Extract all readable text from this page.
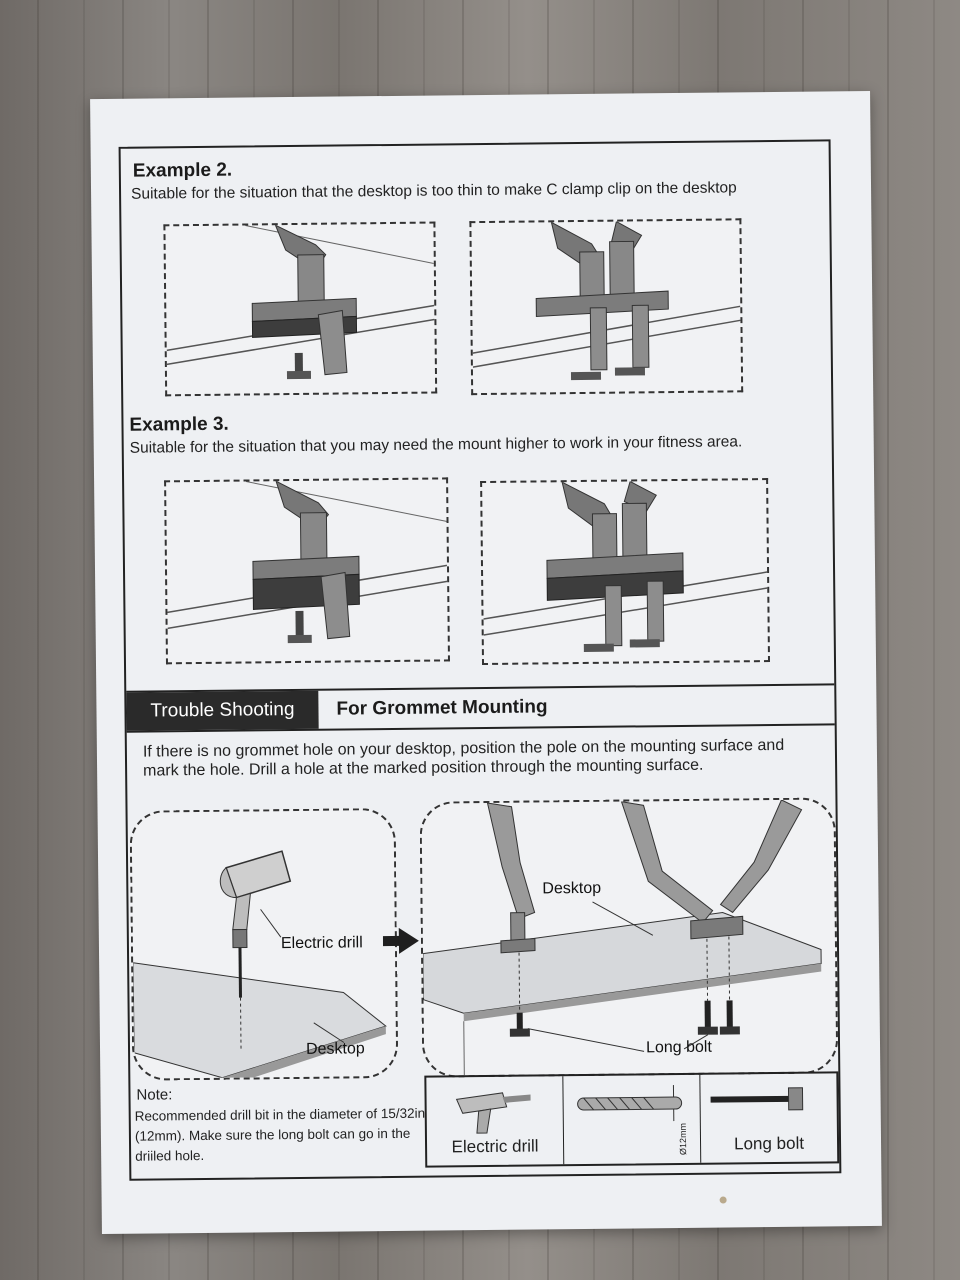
Example 2.
Suitable for the situation that the desktop is too thin to make C clamp clip on the desktop
Example 3.
Suitable for the situation that you may need the mount higher to work in your fitness area.
Trouble Shooting	For Grommet Mounting
If there is no grommet hole on your desktop, position the pole on the mounting surface and mark the hole. Drill a hole at the marked position through the mounting surface.
Electric drill
Desktop
Desktop
Long bolt
Note:
Recommended drill bit in the diameter of 15/32in (12mm). Make sure the long bolt can go in the driiled hole.	Electric drill	Ø12mm	Long bolt
